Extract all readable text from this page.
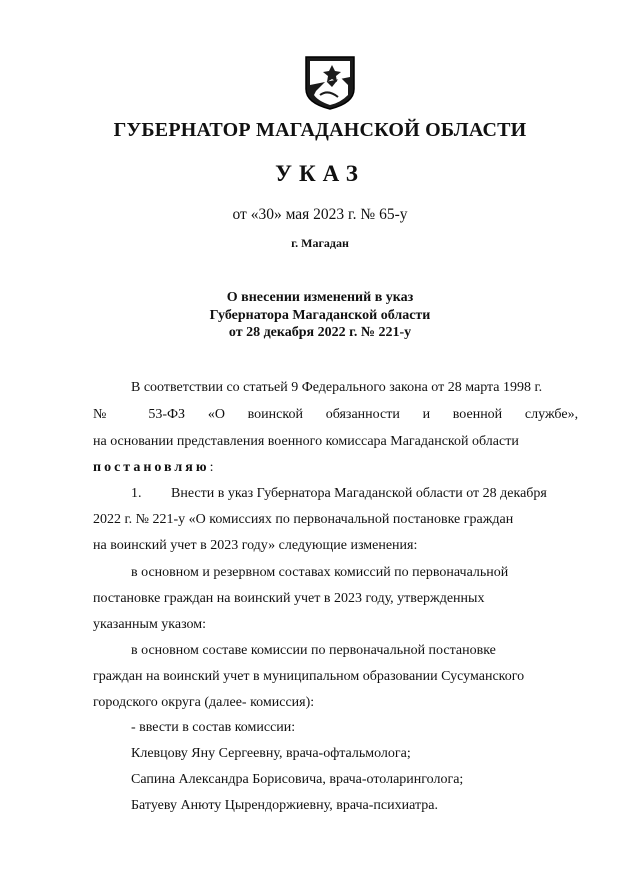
ГУБЕРНАТОР МАГАДАНСКОЙ ОБЛАСТИ
УКАЗ
от «30» мая 2023 г. № 65-у
г. Магадан
О внесении изменений в указ
Губернатора Магаданской области
от 28 декабря 2022 г. № 221-у
В соответствии со статьей 9 Федерального закона от 28 марта 1998 г.
№ 53-ФЗ «О воинской обязанности и военной службе»,
на основании представления военного комиссара Магаданской области
постановляю:
1. Внести в указ Губернатора Магаданской области от 28 декабря
2022 г. № 221-у «О комиссиях по первоначальной постановке граждан
на воинский учет в 2023 году» следующие изменения:
в основном и резервном составах комиссий по первоначальной
постановке граждан на воинский учет в 2023 году, утвержденных
указанным указом:
в основном составе комиссии по первоначальной постановке
граждан на воинский учет в муниципальном образовании Сусуманского
городского округа (далее- комиссия):
- ввести в состав комиссии:
Клевцову Яну Сергеевну, врача-офтальмолога;
Сапина Александра Борисовича, врача-отоларинголога;
Батуеву Анюту Цырендоржиевну, врача-психиатра.
